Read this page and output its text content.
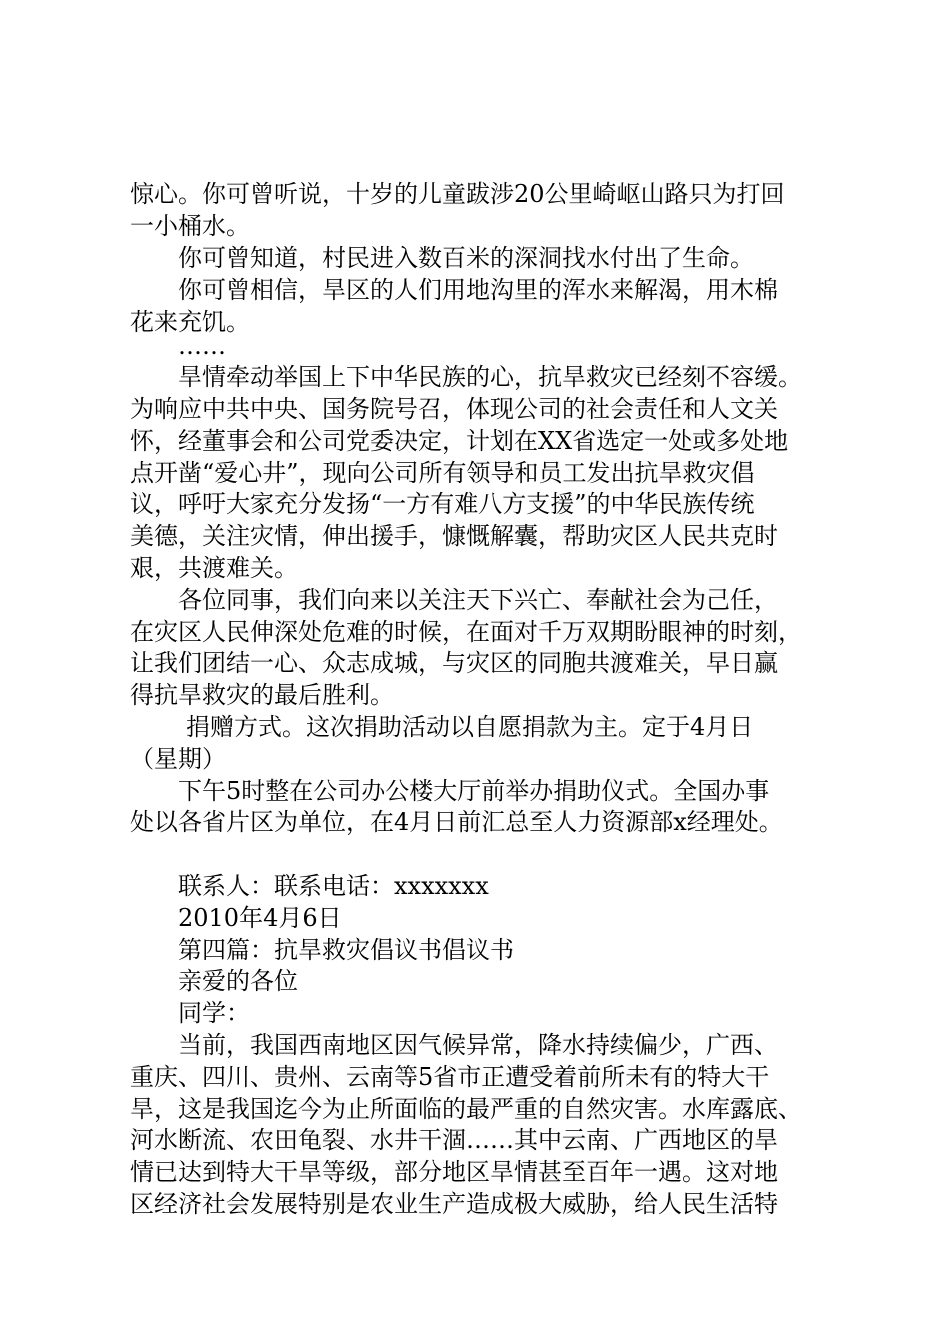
惊心。你可曾听说，十岁的儿童跋涉20公里崎岖山路只为打回
一小桶水。
你可曾知道，村民进入数百米的深洞找水付出了生命。
你可曾相信，旱区的人们用地沟里的浑水来解渴，用木棉
花来充饥。
……
旱情牵动举国上下中华民族的心，抗旱救灾已经刻不容缓。
为响应中共中央、国务院号召，体现公司的社会责任和人文关
怀，经董事会和公司党委决定，计划在XX省选定一处或多处地
点开凿“爱心井”，现向公司所有领导和员工发出抗旱救灾倡
议，呼吁大家充分发扬“一方有难八方支援”的中华民族传统
美德，关注灾情，伸出援手，慷慨解囊，帮助灾区人民共克时
艰，共渡难关。
各位同事，我们向来以关注天下兴亡、奉献社会为己任，
在灾区人民伸深处危难的时候，在面对千万双期盼眼神的时刻，
让我们团结一心、众志成城，与灾区的同胞共渡难关，早日赢
得抗旱救灾的最后胜利。
捐赠方式。这次捐助活动以自愿捐款为主。定于4月日
（星期）
下午5时整在公司办公楼大厅前举办捐助仪式。全国办事
处以各省片区为单位，在4月日前汇总至人力资源部x经理处。
联系人：联系电话：xxxxxxx
2010年4月6日
第四篇：抗旱救灾倡议书倡议书
亲爱的各位
同学：
当前，我国西南地区因气候异常，降水持续偏少，广西、
重庆、四川、贵州、云南等5省市正遭受着前所未有的特大干
旱，这是我国迄今为止所面临的最严重的自然灾害。水库露底、
河水断流、农田龟裂、水井干涸……其中云南、广西地区的旱
情已达到特大干旱等级，部分地区旱情甚至百年一遇。这对地
区经济社会发展特别是农业生产造成极大威胁，给人民生活特
